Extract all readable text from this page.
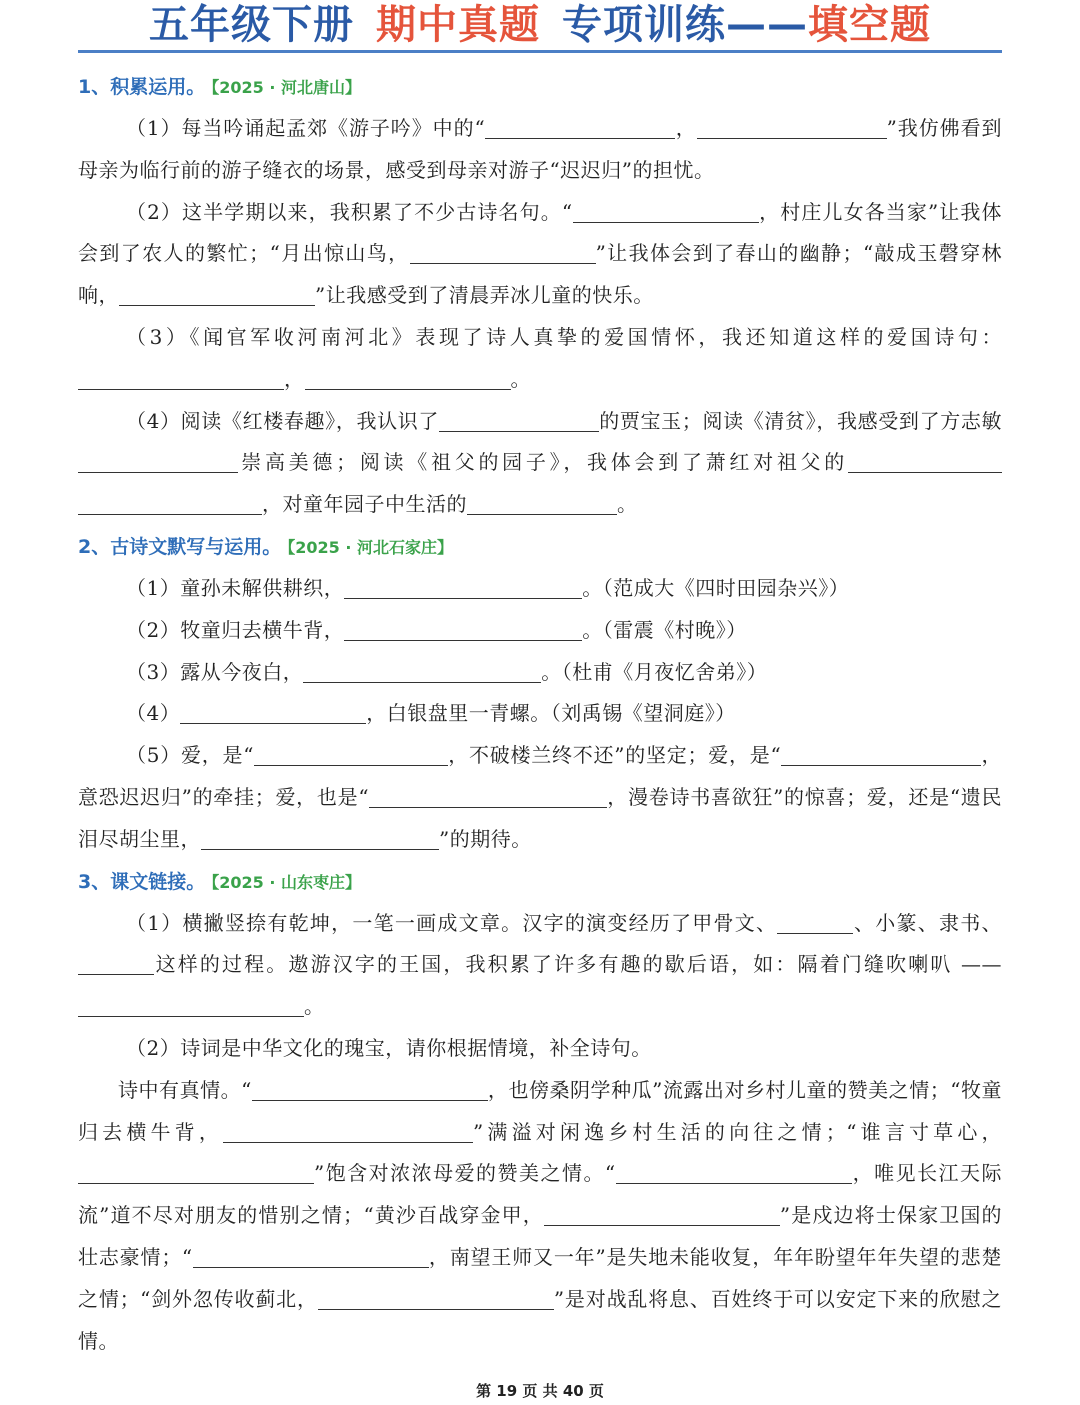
五年级下册 期中真题 专项训练——填空题
1、积累运用。 【2025 · 河北唐山】

（1）每当吟诵起孟郊《游子吟》中的“	，	”我仿佛看到母亲为临行前的游子缝衣的场景，感受到母亲对游子“迟迟归”的担忧。

（2）这半学期以来，我积累了不少古诗名句。“	，村庄儿女各当家”让我体会到了农人的繁忙；“月出惊山鸟，	”让我体会到了春山的幽静；“敲成玉磬穿林响，	”让我感受到了清晨弄冰儿童的快乐。

（3）《闻官军收河南河北》表现了诗人真挚的爱国情怀，我还知道这样的爱国诗句：，	。

（4）阅读《红楼春趣》，我认识了	的贾宝玉；阅读《清贫》，我感受到了方志敏崇高美德；阅读《祖父的园子》，我体会到了萧红对祖父的，对童年园子中生活的	。

2、古诗文默写与运用。 【2025 · 河北石家庄】

（1）童孙未解供耕织，	。（范成大《四时田园杂兴》）

（2）牧童归去横牛背，	。（雷震《村晚》）

（3）露从今夜白，	。（杜甫《月夜忆舍弟》）

（4）	，白银盘里一青螺。（刘禹锡《望洞庭》）

（5）爱，是“	，不破楼兰终不还”的坚定；爱，是“	，意恐迟迟归”的牵挂；爱，也是“	，漫卷诗书喜欲狂”的惊喜；爱，还是“遗民泪尽胡尘里，	”的期待。

3、课文链接。 【2025 · 山东枣庄】

（1）横撇竖捺有乾坤，一笔一画成文章。汉字的演变经历了甲骨文、	、小篆、隶书、这样的过程。遨游汉字的王国，我积累了许多有趣的歇后语，如：隔着门缝吹喇叭 ——。

（2）诗词是中华文化的瑰宝，请你根据情境，补全诗句。

诗中有真情。“	，也傍桑阴学种瓜”流露出对乡村儿童的赞美之情；“牧童归去横牛背，	”满溢对闲逸乡村生活的向往之情；“谁言寸草心，”饱含对浓浓母爱的赞美之情。“	，唯见长江天际流”道不尽对朋友的惜别之情；“黄沙百战穿金甲，	”是戍边将士保家卫国的壮志豪情；“	，南望王师又一年”是失地未能收复，年年盼望年年失望的悲楚之情；“剑外忽传收蓟北，	”是对战乱将息、百姓终于可以安定下来的欣慰之情。

第 19 页 共 40 页
